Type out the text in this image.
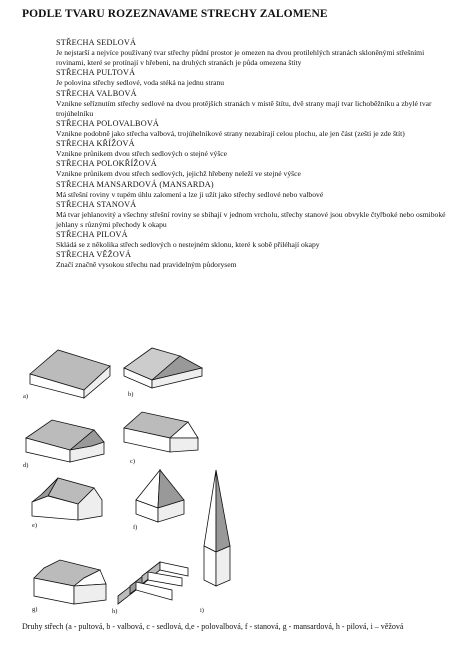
PODLE TVARU ROZEZNAVAME STRECHY ZALOMENE
STŘECHA SEDLOVÁ
Je nejstarší a nejvíce používaný tvar střechy půdní prostor je omezen na dvou protilehlých stranách skloněnými střešními rovinami, které se protínají v hřebeni, na druhých stranách je půda omezena štíty
STŘECHA PULTOVÁ
Je polovina střechy sedlové, voda stéká na jednu stranu
STŘECHA VALBOVÁ
Vznikne seříznutím střechy sedlové na dvou protějších stranách v místě štítu, dvě strany mají tvar lichoběžníku a zbylé tvar trojúhelníku
STŘECHA POLOVALBOVÁ
Vznikne podobně jako střecha valbová, trojúhelníkové strany nezabírají celou plochu, ale jen část (zešti je zde štít)
STŘECHA KŘÍŽOVÁ
Vznikne průnikem dvou střech sedlových o stejné výšce
STŘECHA POLOKŘÍŽOVÁ
Vznikne průnikem dvou střech sedlových, jejichž hřebeny neleží ve stejné výšce
STŘECHA MANSARDOVÁ (MANSARDA)
Má střešní roviny v tupém úhlu zalomení a lze ji užít jako střechy sedlové nebo valbové
STŘECHA STANOVÁ
Má tvar jehlanovitý a všechny střešní roviny se sbíhají v jednom vrcholu, střechy stanové jsou obvykle čtyřboké nebo osmiboké jehlany s různými přechody k okapu
STŘECHA PILOVÁ
Skládá se z několika střech sedlových o nestejném sklonu, které k sobě přiléhají okapy
STŘECHA VĚŽOVÁ
Značí značně vysokou střechu nad pravidelným půdorysem
a)	b)
c)
d)
e)	f)
g)	h)	i)
Druhy střech (a - pultová, b - valbová, c - sedlová, d,e - polovalbová, f - stanová, g - mansardová, h - pilová, i – věžová
